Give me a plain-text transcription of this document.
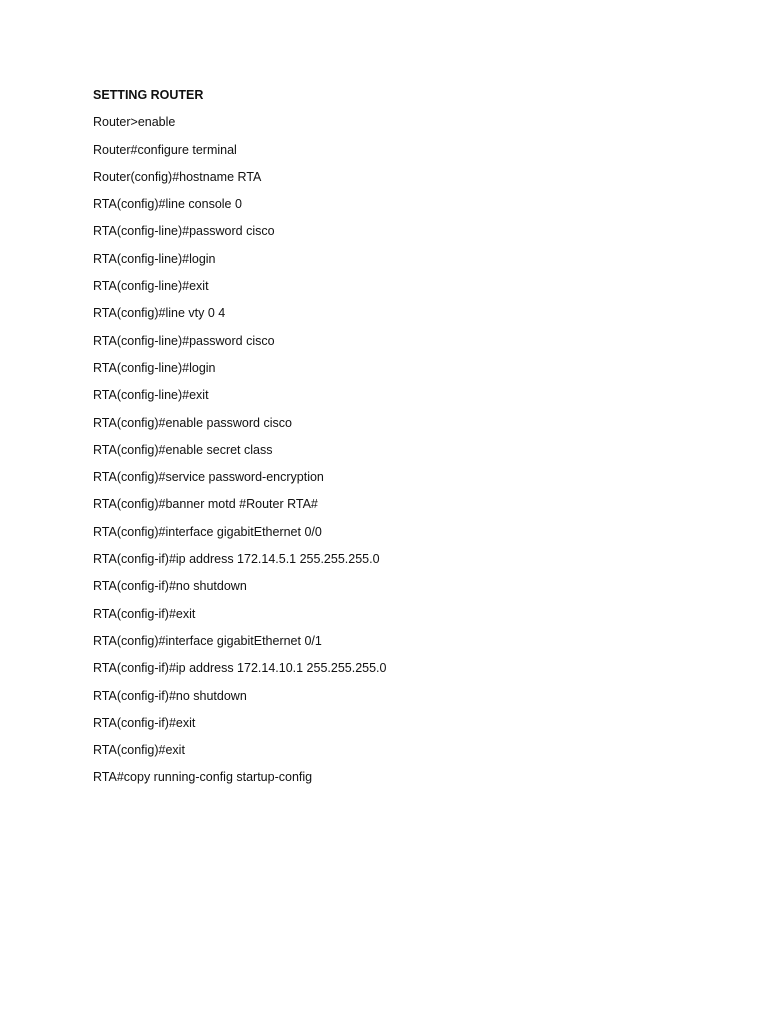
SETTING ROUTER
Router>enable
Router#configure terminal
Router(config)#hostname RTA
RTA(config)#line console 0
RTA(config-line)#password cisco
RTA(config-line)#login
RTA(config-line)#exit
RTA(config)#line vty 0 4
RTA(config-line)#password cisco
RTA(config-line)#login
RTA(config-line)#exit
RTA(config)#enable password cisco
RTA(config)#enable secret class
RTA(config)#service password-encryption
RTA(config)#banner motd #Router RTA#
RTA(config)#interface gigabitEthernet 0/0
RTA(config-if)#ip address 172.14.5.1 255.255.255.0
RTA(config-if)#no shutdown
RTA(config-if)#exit
RTA(config)#interface gigabitEthernet 0/1
RTA(config-if)#ip address 172.14.10.1 255.255.255.0
RTA(config-if)#no shutdown
RTA(config-if)#exit
RTA(config)#exit
RTA#copy running-config startup-config
